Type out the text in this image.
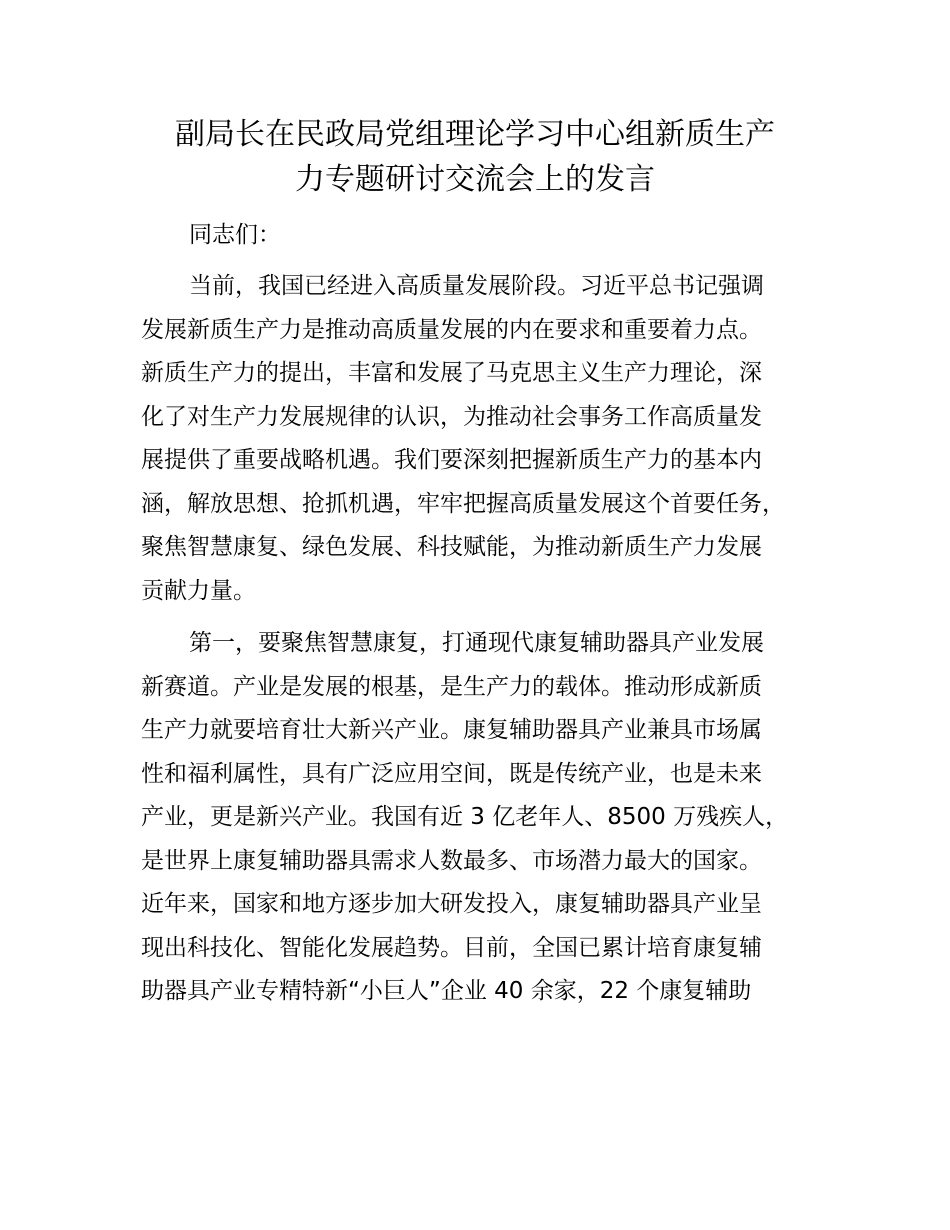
副局长在民政局党组理论学习中心组新质生产
力专题研讨交流会上的发言
同志们：
当前，我国已经进入高质量发展阶段。习近平总书记强调
发展新质生产力是推动高质量发展的内在要求和重要着力点。
新质生产力的提出，丰富和发展了马克思主义生产力理论，深
化了对生产力发展规律的认识，为推动社会事务工作高质量发
展提供了重要战略机遇。我们要深刻把握新质生产力的基本内
涵，解放思想、抢抓机遇，牢牢把握高质量发展这个首要任务，
聚焦智慧康复、绿色发展、科技赋能，为推动新质生产力发展
贡献力量。
第一，要聚焦智慧康复，打通现代康复辅助器具产业发展
新赛道。产业是发展的根基，是生产力的载体。推动形成新质
生产力就要培育壮大新兴产业。康复辅助器具产业兼具市场属
性和福利属性，具有广泛应用空间，既是传统产业，也是未来
产业，更是新兴产业。我国有近 3 亿老年人、8500 万残疾人，
是世界上康复辅助器具需求人数最多、市场潜力最大的国家。
近年来，国家和地方逐步加大研发投入，康复辅助器具产业呈
现出科技化、智能化发展趋势。目前，全国已累计培育康复辅
助器具产业专精特新“小巨人”企业 40 余家，22 个康复辅助
